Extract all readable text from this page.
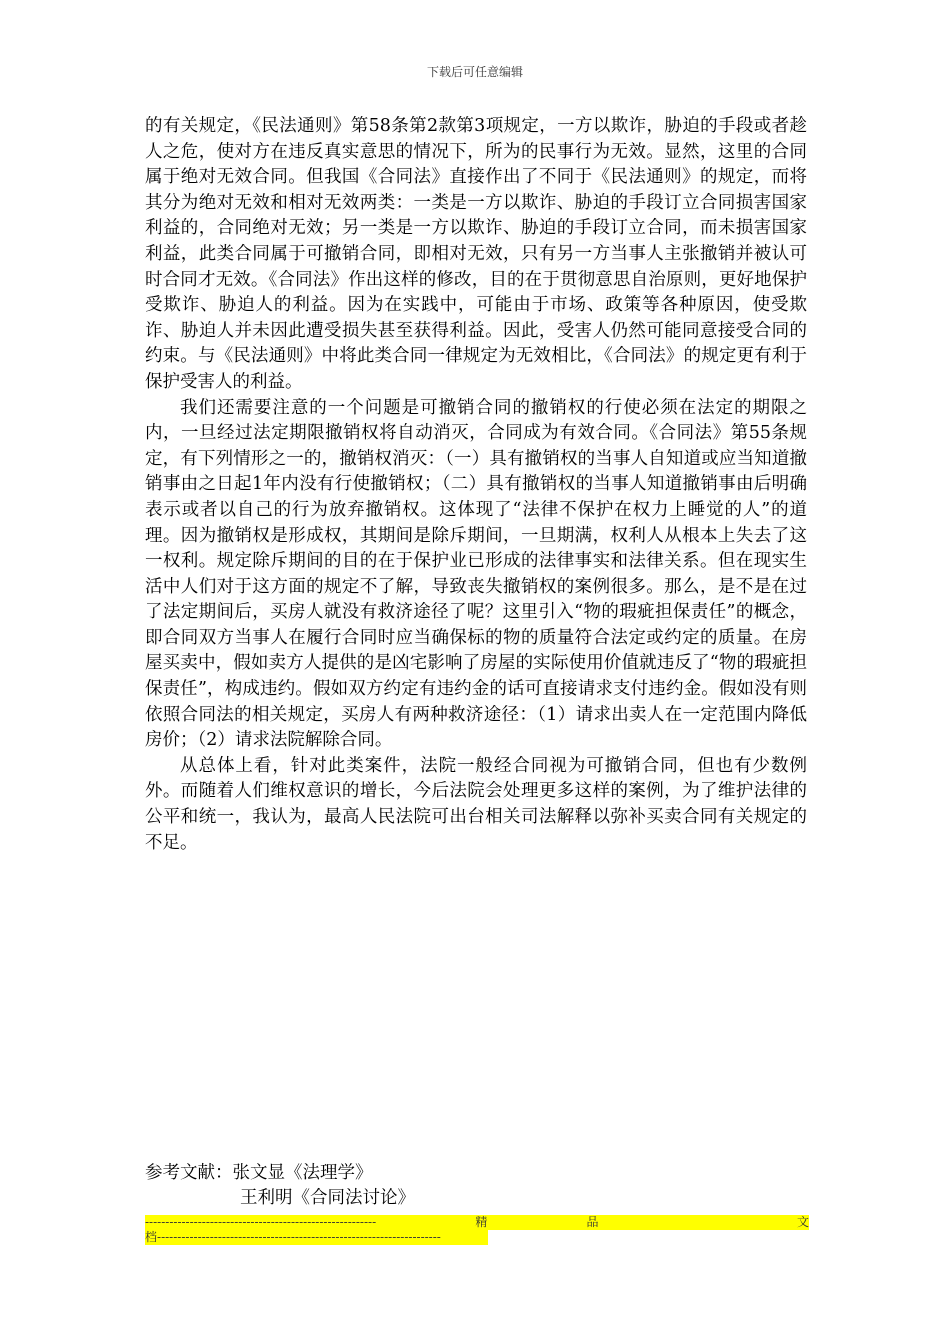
下载后可任意编辑

的有关规定，《民法通则》第58条第2款第3项规定，一方以欺诈，胁迫的手段或者趁人之危，使对方在违反真实意思的情况下，所为的民事行为无效。显然，这里的合同属于绝对无效合同。但我国《合同法》直接作出了不同于《民法通则》的规定，而将其分为绝对无效和相对无效两类：一类是一方以欺诈、胁迫的手段订立合同损害国家利益的，合同绝对无效；另一类是一方以欺诈、胁迫的手段订立合同，而未损害国家利益，此类合同属于可撤销合同，即相对无效，只有另一方当事人主张撤销并被认可时合同才无效。《合同法》作出这样的修改，目的在于贯彻意思自治原则，更好地保护受欺诈、胁迫人的利益。因为在实践中，可能由于市场、政策等各种原因，使受欺诈、胁迫人并未因此遭受损失甚至获得利益。因此，受害人仍然可能同意接受合同的约束。与《民法通则》中将此类合同一律规定为无效相比，《合同法》的规定更有利于保护受害人的利益。

我们还需要注意的一个问题是可撤销合同的撤销权的行使必须在法定的期限之内，一旦经过法定期限撤销权将自动消灭，合同成为有效合同。《合同法》第55条规定，有下列情形之一的，撤销权消灭：（一）具有撤销权的当事人自知道或应当知道撤销事由之日起1年内没有行使撤销权；（二）具有撤销权的当事人知道撤销事由后明确表示或者以自己的行为放弃撤销权。这体现了“法律不保护在权力上睡觉的人”的道理。因为撤销权是形成权，其期间是除斥期间，一旦期满，权利人从根本上失去了这一权利。规定除斥期间的目的在于保护业已形成的法律事实和法律关系。但在现实生活中人们对于这方面的规定不了解，导致丧失撤销权的案例很多。那么，是不是在过了法定期间后，买房人就没有救济途径了呢？这里引入“物的瑕疵担保责任”的概念，即合同双方当事人在履行合同时应当确保标的物的质量符合法定或约定的质量。在房屋买卖中，假如卖方人提供的是凶宅影响了房屋的实际使用价值就违反了“物的瑕疵担保责任”，构成违约。假如双方约定有违约金的话可直接请求支付违约金。假如没有则依照合同法的相关规定，买房人有两种救济途径：（1）请求出卖人在一定范围内降低房价；（2）请求法院解除合同。

从总体上看，针对此类案件，法院一般经合同视为可撤销合同，但也有少数例外。而随着人们维权意识的增长，今后法院会处理更多这样的案例，为了维护法律的公平和统一，我认为，最高人民法院可出台相关司法解释以弥补买卖合同有关规定的不足。

参考文献：张文显《法理学》
王利明《合同法讨论》
---------------------------------------------------------	精	品	文
档----------------------------------------------------------------------
